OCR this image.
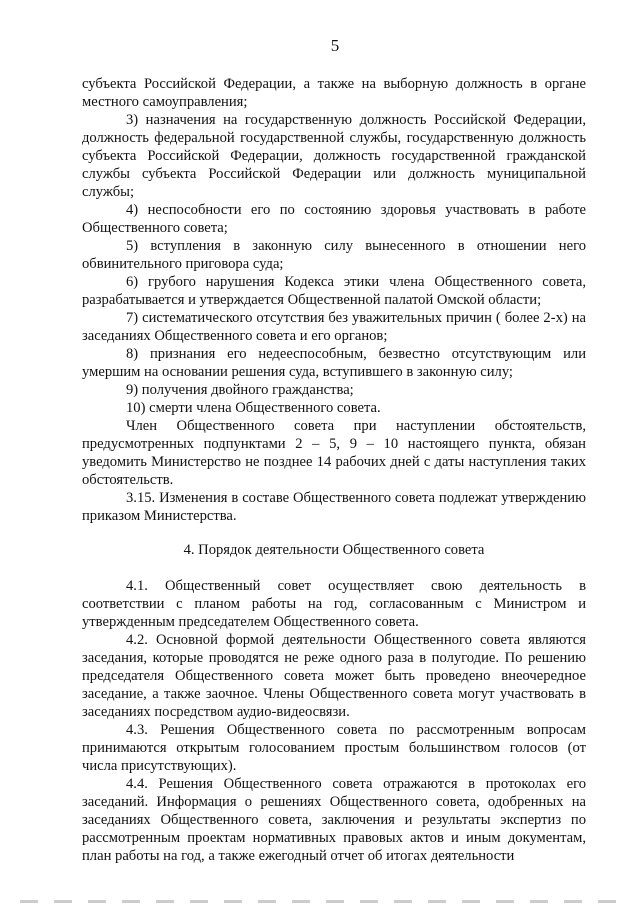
5

субъекта Российской Федерации, а также на выборную должность в органе местного самоуправления;

3) назначения на государственную должность Российской Федерации, должность федеральной государственной службы, государственную должность субъекта Российской Федерации, должность государственной гражданской службы субъекта Российской Федерации или должность муниципальной службы;

4) неспособности его по состоянию здоровья участвовать в работе Общественного совета;

5) вступления в законную силу вынесенного в отношении него обвинительного приговора суда;

6) грубого нарушения Кодекса этики члена Общественного совета, разрабатывается и утверждается Общественной палатой Омской области;

7) систематического отсутствия без уважительных причин ( более 2-х) на заседаниях Общественного совета и его органов;

8) признания его недееспособным, безвестно отсутствующим или умершим на основании решения суда, вступившего в законную силу;

9) получения двойного гражданства;

10) смерти члена Общественного совета.

Член Общественного совета при наступлении обстоятельств, предусмотренных подпунктами 2 – 5, 9 – 10 настоящего пункта, обязан уведомить Министерство не позднее 14 рабочих дней с даты наступления таких обстоятельств.

3.15. Изменения в составе Общественного совета подлежат утверждению приказом Министерства.

4. Порядок деятельности Общественного совета

4.1. Общественный совет осуществляет свою деятельность в соответствии с планом работы на год, согласованным с Министром и утвержденным председателем Общественного совета.

4.2. Основной формой деятельности Общественного совета являются заседания, которые проводятся не реже одного раза в полугодие. По решению председателя Общественного совета может быть проведено внеочередное заседание, а также заочное. Члены Общественного совета могут участвовать в заседаниях посредством аудио-видеосвязи.

4.3. Решения Общественного совета по рассмотренным вопросам принимаются открытым голосованием простым большинством голосов (от числа присутствующих).

4.4. Решения Общественного совета отражаются в протоколах его заседаний. Информация о решениях Общественного совета, одобренных на заседаниях Общественного совета, заключения и результаты экспертиз по рассмотренным проектам нормативных правовых актов и иным документам, план работы на год, а также ежегодный отчет об итогах деятельности
